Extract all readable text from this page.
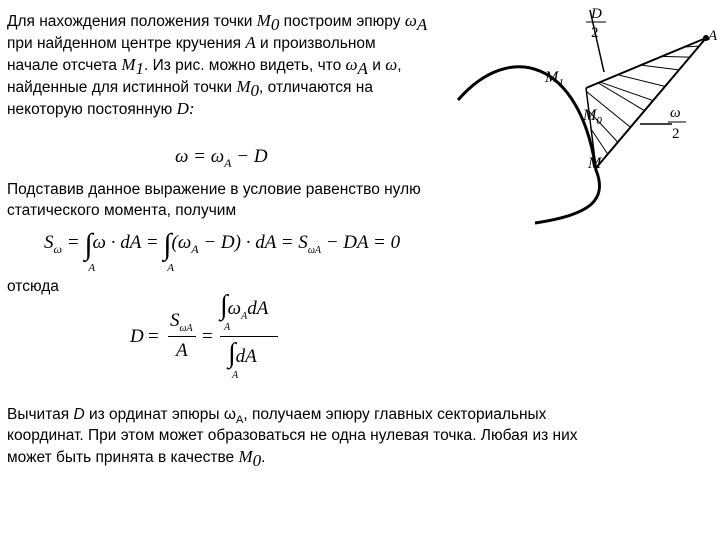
Для нахождения положения точки $M_0$ построим эпюру $\omega_A$
при найденном центре кручения A и произвольном
начале отсчета $M_1$. Из рис. можно видеть, что $\omega_A$ и ω,
найденные для истинной точки $M_0$, отличаются на
некоторую постоянную D:
$\omega = \omega_A - D$
Подставив данное выражение в условие равенство нулю
статического момента, получим
$S_\omega$ = ∫
A
ω · dA = ∫
A
$(\omega_A - D)$ · dA = $S_{\omega A}$ − DA = 0
отсюда
D =
$S_{\omega A}$
A
=
∫
A
$\omega_AdA$
∫
A
dA
Вычитая D из ординат эпюры $\omega_A$, получаем эпюру главных секториальных
координат. При этом может образоваться не одна нулевая точка. Любая из них
может быть принята в качестве $M_0$.
D
2	A
$M_1$
$M_0$
M
ω
2
